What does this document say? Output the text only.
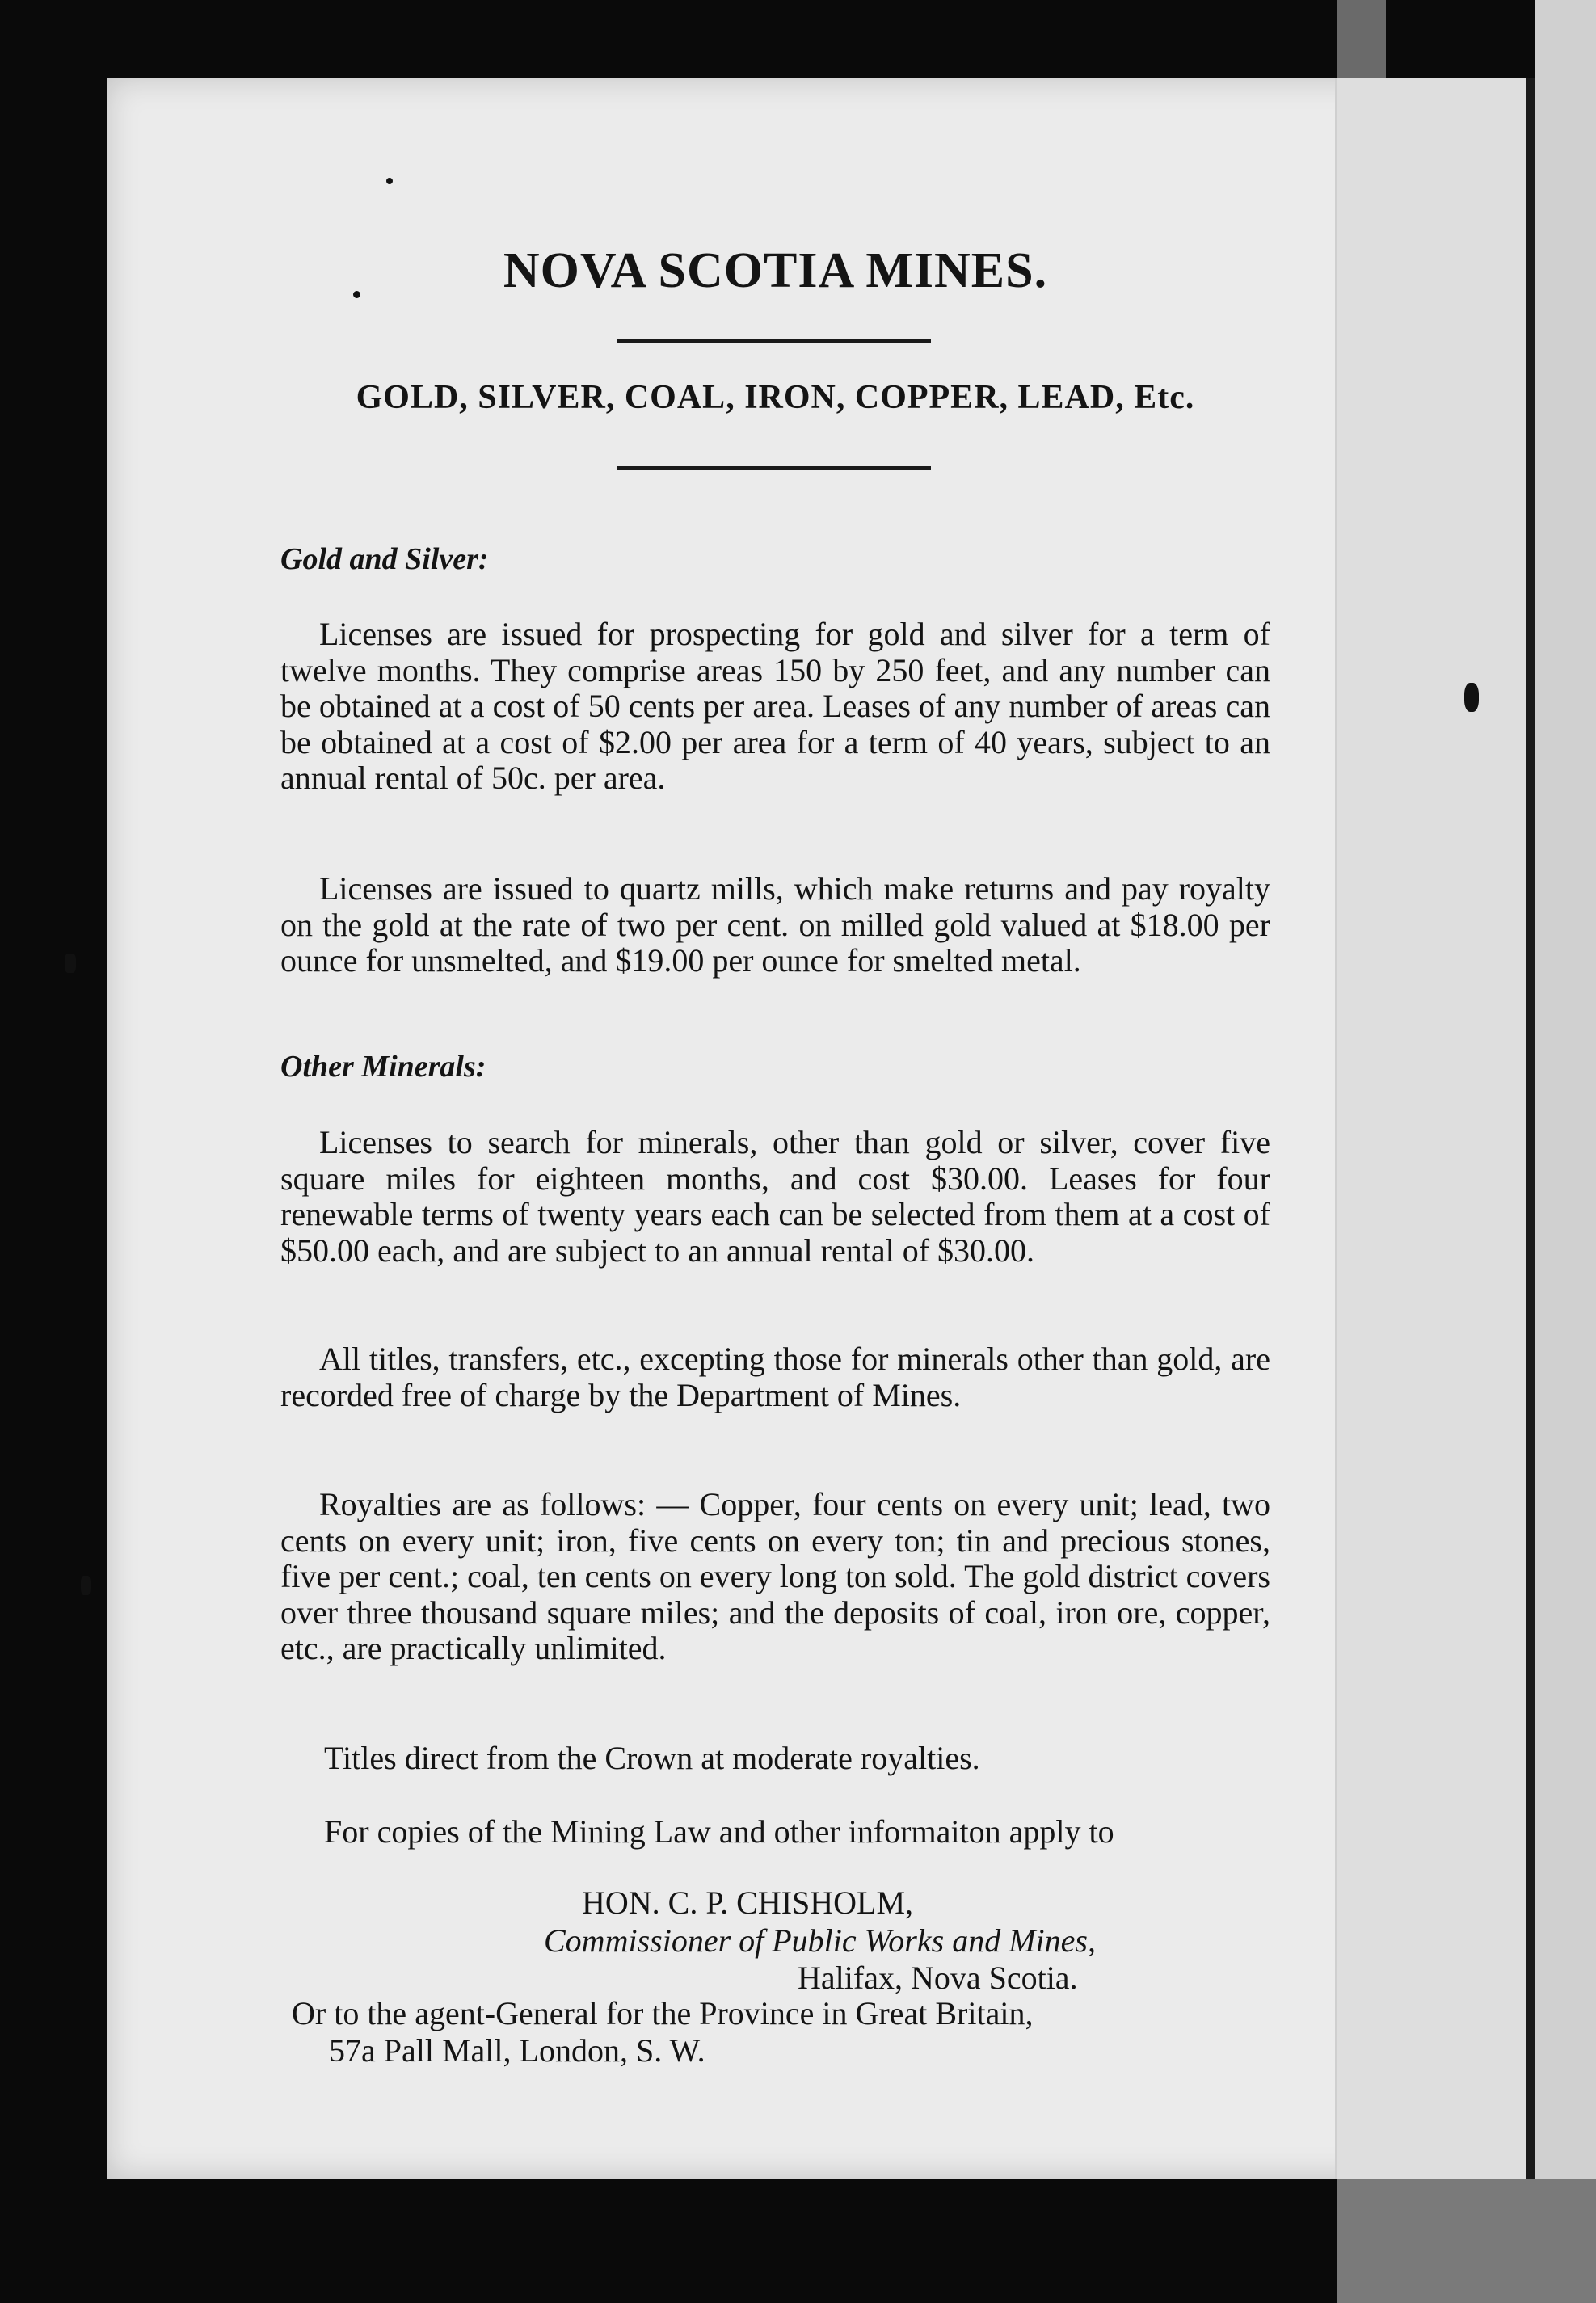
NOVA SCOTIA MINES.
GOLD, SILVER, COAL, IRON, COPPER, LEAD, Etc.
Gold and Silver:

Licenses are issued for prospecting for gold and silver for a term of twelve months. They comprise areas 150 by 250 feet, and any number can be obtained at a cost of 50 cents per area. Leases of any number of areas can be obtained at a cost of $2.00 per area for a term of 40 years, subject to an annual rental of 50c. per area.

Licenses are issued to quartz mills, which make returns and pay royalty on the gold at the rate of two per cent. on milled gold valued at $18.00 per ounce for unsmelted, and $19.00 per ounce for smelted metal.

Other Minerals:

Licenses to search for minerals, other than gold or silver, cover five square miles for eighteen months, and cost $30.00. Leases for four renewable terms of twenty years each can be selected from them at a cost of $50.00 each, and are subject to an annual rental of $30.00.

All titles, transfers, etc., excepting those for minerals other than gold, are recorded free of charge by the Department of Mines.

Royalties are as follows: — Copper, four cents on every unit; lead, two cents on every unit; iron, five cents on every ton; tin and precious stones, five per cent.; coal, ten cents on every long ton sold. The gold district covers over three thousand square miles; and the deposits of coal, iron ore, copper, etc., are practically unlimited.

Titles direct from the Crown at moderate royalties.

For copies of the Mining Law and other informaiton apply to

HON. C. P. CHISHOLM,

Commissioner of Public Works and Mines,

Halifax, Nova Scotia.

Or to the agent-General for the Province in Great Britain,

57a Pall Mall, London, S. W.
